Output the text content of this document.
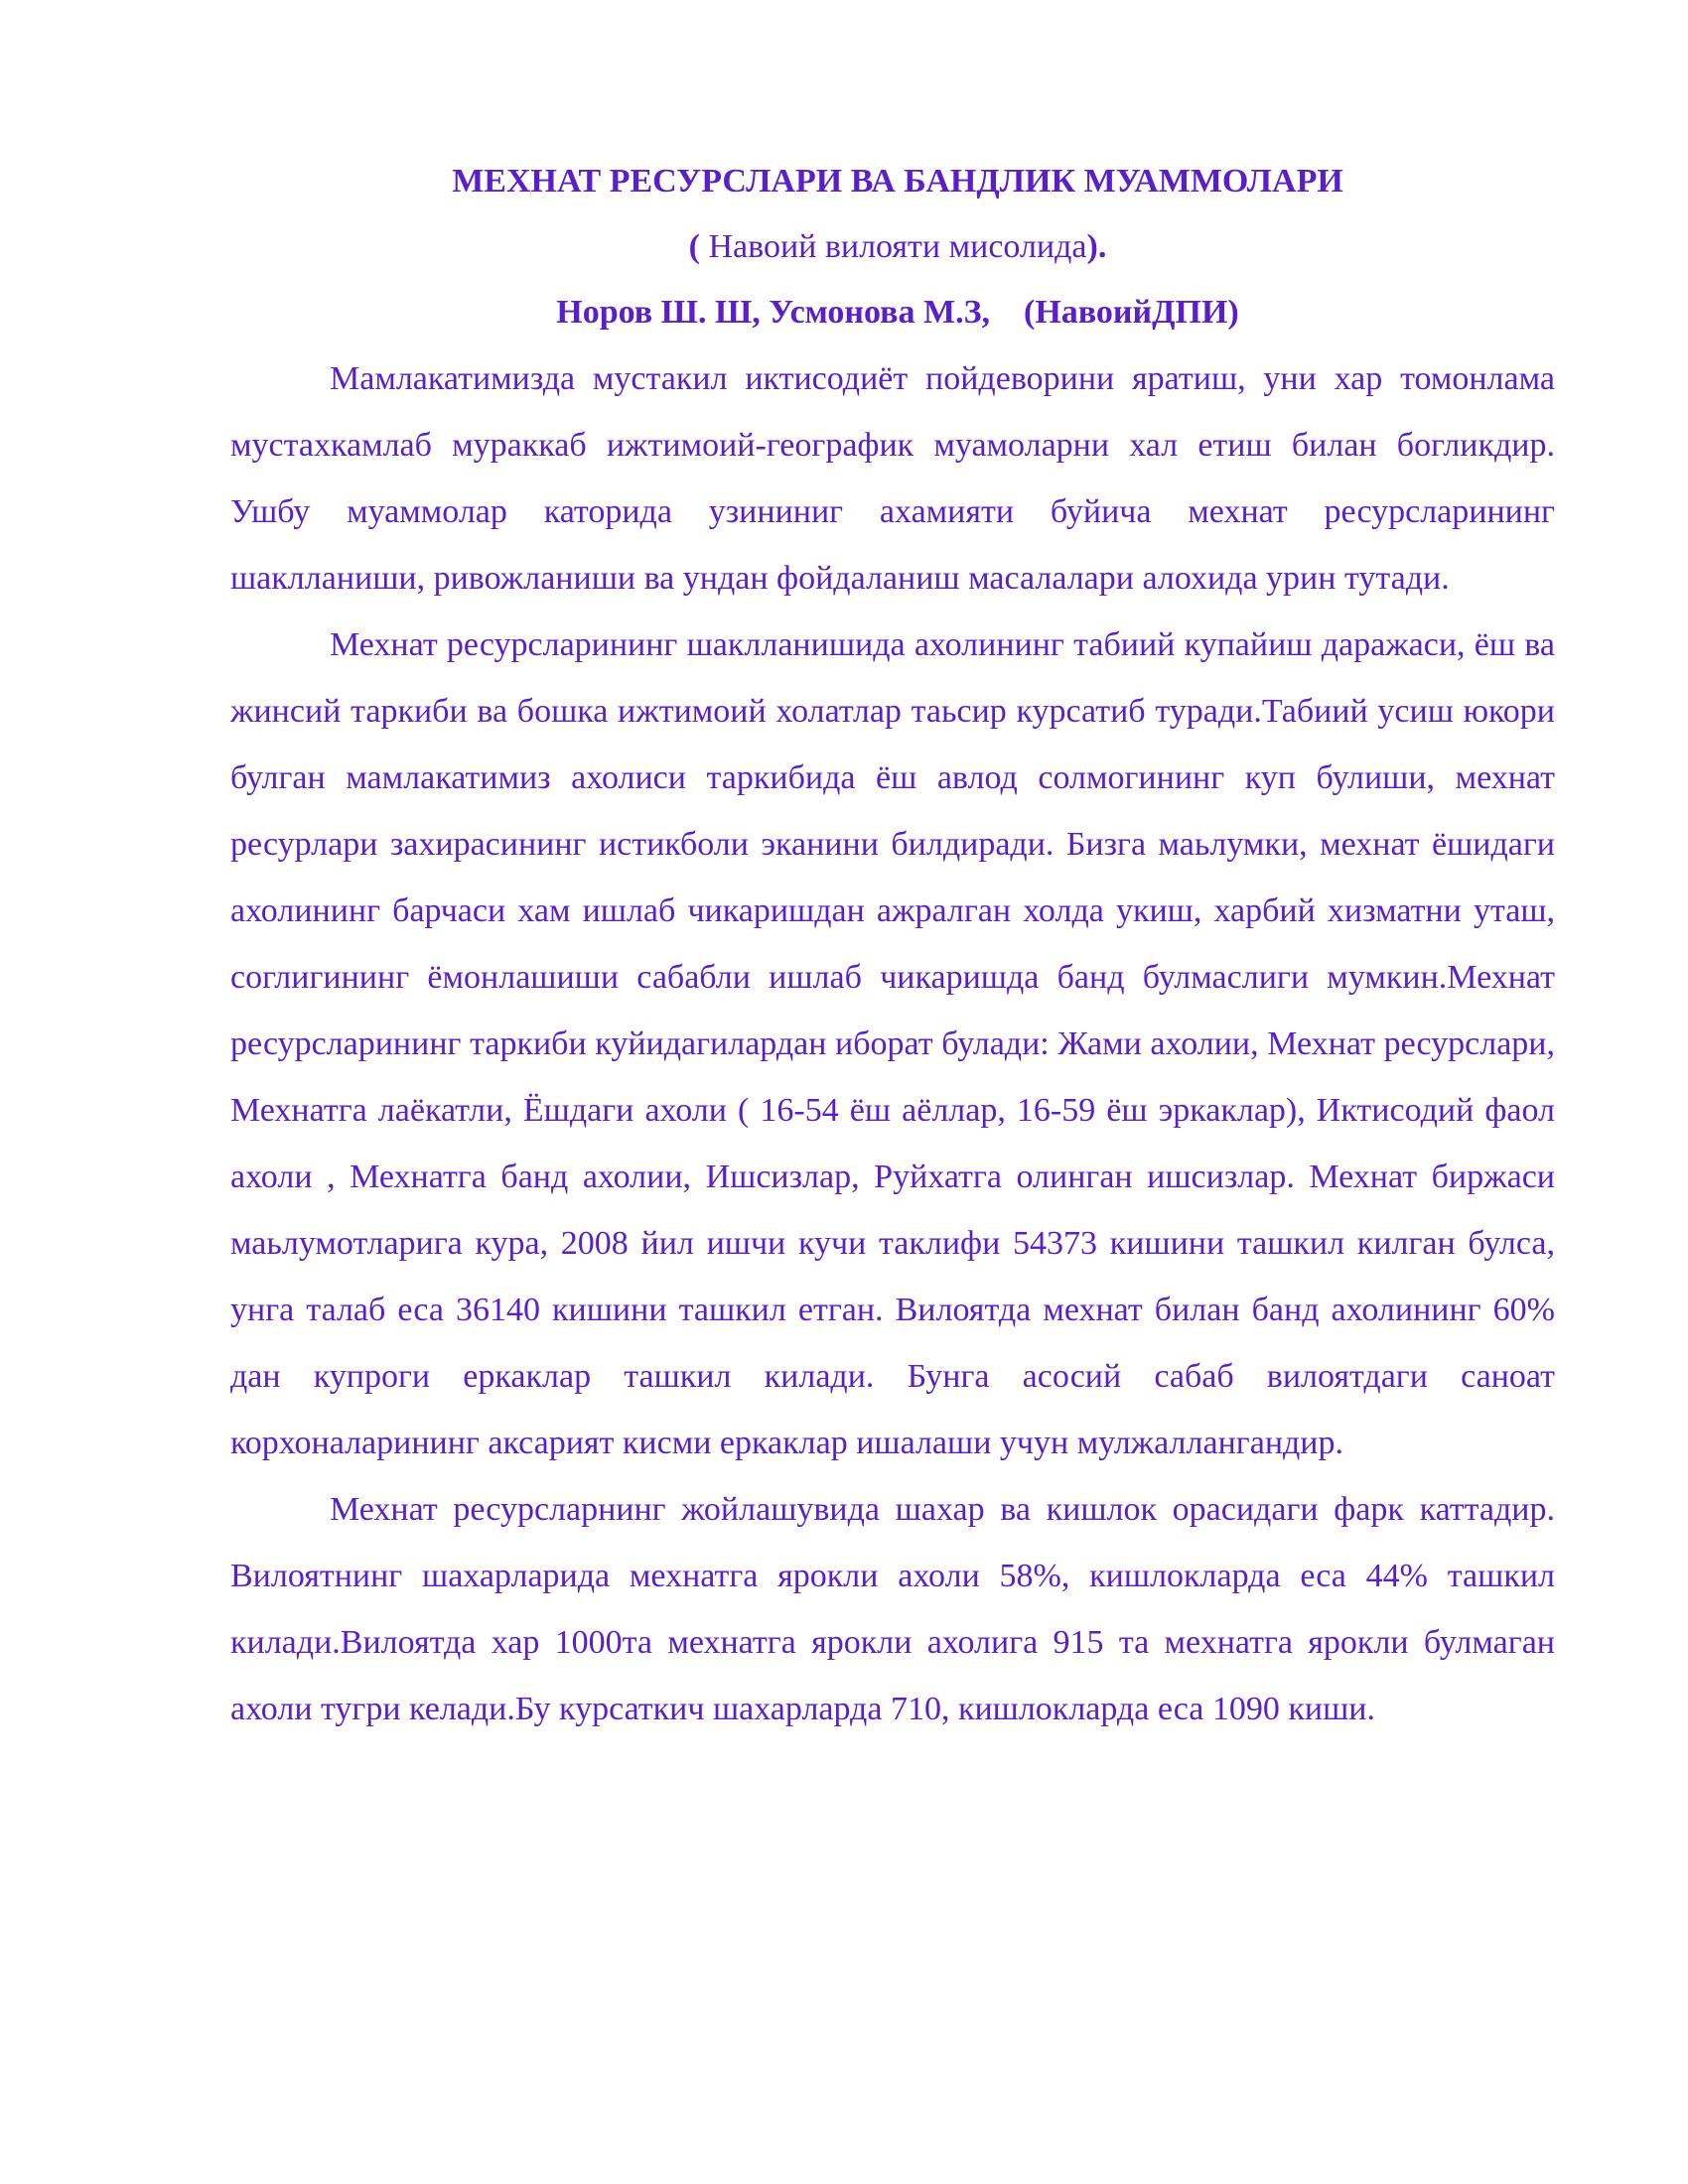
МЕХНАТ РЕСУРСЛАРИ ВА БАНДЛИК МУАММОЛАРИ

( Навоий вилояти мисолида).

Норов Ш. Ш, Усмонова М.З,    (НавоийДПИ)

Мамлакатимизда мустакил иктисодиёт пойдеворини яратиш, уни хар томонлама мустахкамлаб мураккаб ижтимоий-географик муамоларни хал етиш билан богликдир. Ушбу муаммолар каторида узининиг ахамияти буйича мехнат ресурсларининг шаклланиши, ривожланиши ва ундан фойдаланиш масалалари алохида урин тутади.

Мехнат ресурсларининг шаклланишида ахолининг табиий купайиш даражаси, ёш ва жинсий таркиби ва бошка ижтимоий холатлар таьсир курсатиб туради.Табиий усиш юкори булган мамлакатимиз ахолиси таркибида ёш авлод солмогининг куп булиши, мехнат ресурлари захирасининг истикболи эканини билдиради. Бизга маьлумки, мехнат ёшидаги ахолининг барчаси хам ишлаб чикаришдан ажралган холда укиш, харбий хизматни уташ, соглигининг ёмонлашиши сабабли ишлаб чикаришда банд булмаслиги мумкин.Мехнат ресурсларининг таркиби куйидагилардан иборат булади: Жами ахолии, Мехнат ресурслари, Мехнатга лаёкатли, Ёшдаги ахоли ( 16-54 ёш аёллар, 16-59 ёш эркаклар), Иктисодий фаол ахоли , Мехнатга банд ахолии, Ишсизлар, Руйхатга олинган ишсизлар. Мехнат биржаси маьлумотларига кура, 2008 йил ишчи кучи таклифи 54373 кишини ташкил килган булса, унга талаб еса 36140 кишини ташкил етган. Вилоятда мехнат билан банд ахолининг 60% дан купроги еркаклар ташкил килади. Бунга асосий сабаб вилоятдаги саноат корхоналарининг аксарият кисми еркаклар ишалаши учун мулжаллангандир.

Мехнат ресурсларнинг жойлашувида шахар ва кишлок орасидаги фарк каттадир. Вилоятнинг шахарларида мехнатга ярокли ахоли 58%, кишлокларда еса 44% ташкил килади.Вилоятда хар 1000та мехнатга ярокли ахолига 915 та мехнатга ярокли булмаган ахоли тугри келади.Бу курсаткич шахарларда 710, кишлокларда еса 1090 киши.
